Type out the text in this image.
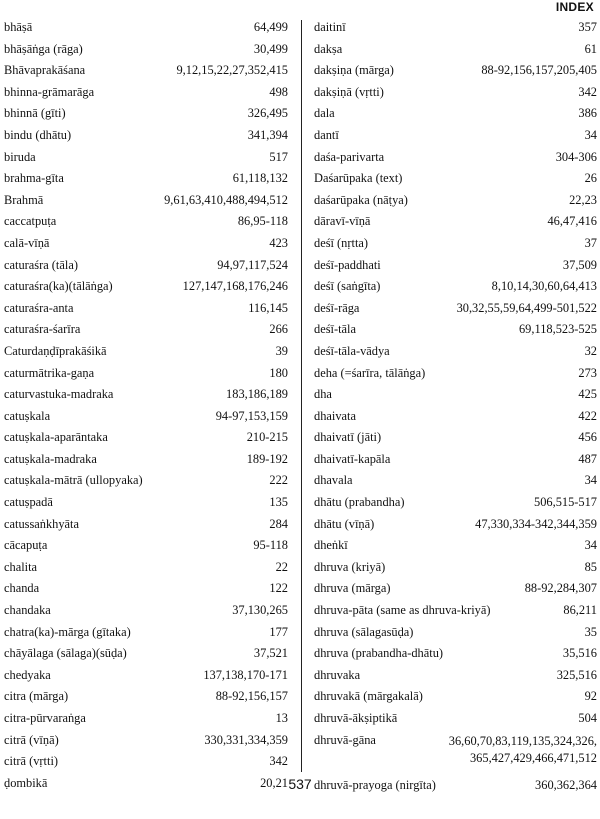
INDEX
bhāṣā	64,499
bhāṣāṅga (rāga)	30,499
Bhāvaprakāśana	9,12,15,22,27,352,415
bhinna-grāmarāga	498
bhinnā (gīti)	326,495
bindu (dhātu)	341,394
biruda	517
brahma-gīta	61,118,132
Brahmā	9,61,63,410,488,494,512
caccatpuṭa	86,95-118
calā-vīṇā	423
caturaśra (tāla)	94,97,117,524
caturaśra(ka)(tālāṅga)	127,147,168,176,246
caturaśra-anta	116,145
caturaśra-śarīra	266
Caturdaṇḍīprakāśikā	39
caturmātrika-gaṇa	180
caturvastuka-madraka	183,186,189
catuṣkala	94-97,153,159
catuṣkala-aparāntaka	210-215
catuṣkala-madraka	189-192
catuṣkala-mātrā (ullopyaka)	222
catuṣpadā	135
catussaṅkhyāta	284
cācapuṭa	95-118
chalita	22
chanda	122
chandaka	37,130,265
chatra(ka)-mārga (gītaka)	177
chāyālaga (sālaga)(sūḍa)	37,521
chedyaka	137,138,170-171
citra (mārga)	88-92,156,157
citra-pūrvaraṅga	13
citrā (vīṇā)	330,331,334,359
citrā (vṛtti)	342
ḍombikā	20,21
daitinī	357
dakṣa	61
dakṣiṇa (mārga)	88-92,156,157,205,405
dakṣiṇā (vṛtti)	342
dala	386
dantī	34
daśa-parivarta	304-306
Daśarūpaka (text)	26
daśarūpaka (nāṭya)	22,23
dāravī-vīṇā	46,47,416
deśī (nṛtta)	37
deśī-paddhati	37,509
deśī (saṅgīta)	8,10,14,30,60,64,413
deśī-rāga	30,32,55,59,64,499-501,522
deśī-tāla	69,118,523-525
deśī-tāla-vādya	32
deha (=śarīra, tālāṅga)	273
dha	425
dhaivata	422
dhaivatī (jāti)	456
dhaivatī-kapāla	487
dhavala	34
dhātu (prabandha)	506,515-517
dhātu (vīṇā)	47,330,334-342,344,359
dheṅkī	34
dhruva (kriyā)	85
dhruva (mārga)	88-92,284,307
dhruva-pāta (same as dhruva-kriyā)	86,211
dhruva (sālagasūḍa)	35
dhruva (prabandha-dhātu)	35,516
dhruvaka	325,516
dhruvakā (mārgakalā)	92
dhruvā-ākṣiptikā	504
dhruvā-gāna	36,60,70,83,119,135,324,326, 365,427,429,466,471,512
dhruvā-prayoga (nirgīta)	360,362,364
537
